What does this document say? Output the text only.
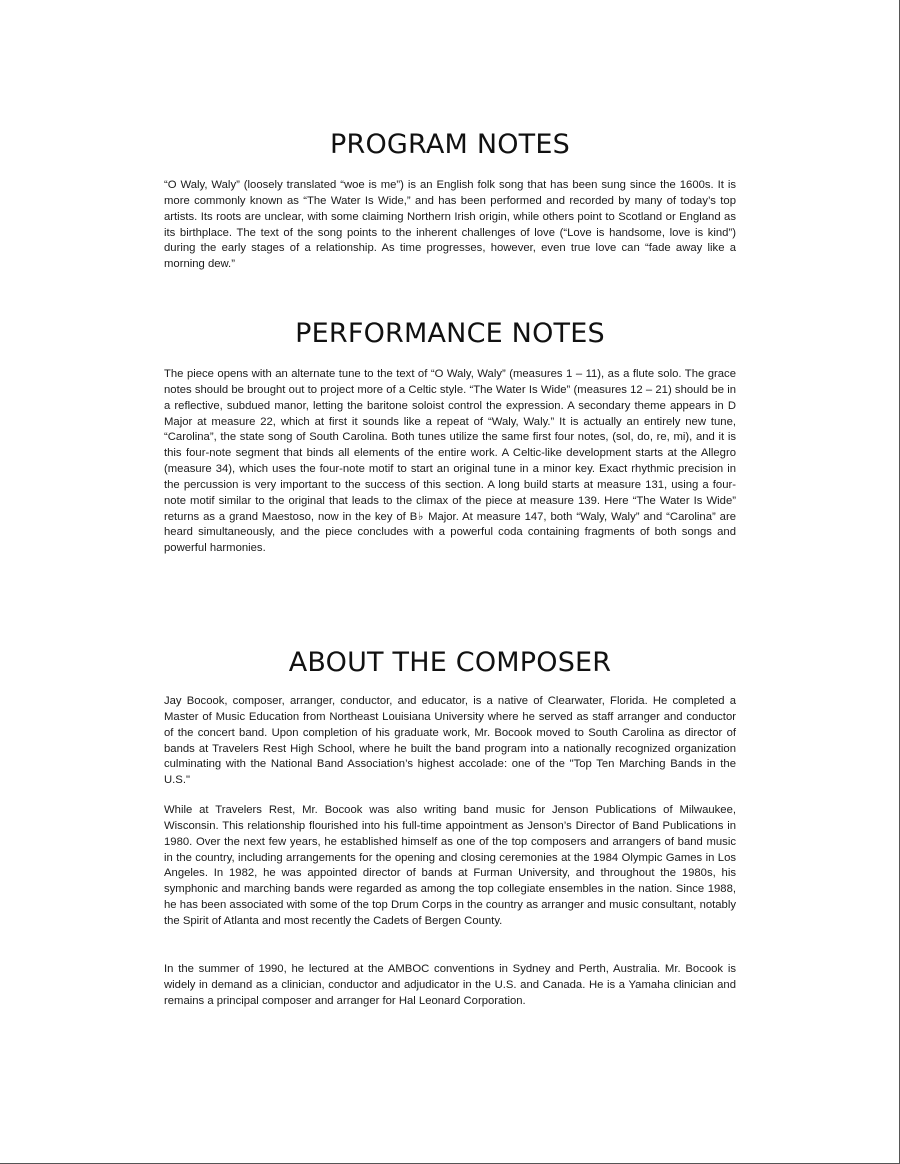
PROGRAM NOTES

“O Waly, Waly” (loosely translated “woe is me”) is an English folk song that has been sung since the 1600s. It is more commonly known as “The Water Is Wide,” and has been performed and recorded by many of today’s top artists. Its roots are unclear, with some claiming Northern Irish origin, while others point to Scotland or England as its birthplace. The text of the song points to the inherent challenges of love (“Love is handsome, love is kind”) during the early stages of a relationship. As time progresses, however, even true love can “fade away like a morning dew.”

PERFORMANCE NOTES

The piece opens with an alternate tune to the text of “O Waly, Waly” (measures 1 – 11), as a flute solo. The grace notes should be brought out to project more of a Celtic style. “The Water Is Wide” (measures 12 – 21) should be in a reflective, subdued manor, letting the baritone soloist control the expression. A secondary theme appears in D Major at measure 22, which at first it sounds like a repeat of “Waly, Waly.” It is actually an entirely new tune, “Carolina”, the state song of South Carolina. Both tunes utilize the same first four notes, (sol, do, re, mi), and it is this four-note segment that binds all elements of the entire work. A Celtic-like development starts at the Allegro (measure 34), which uses the four-note motif to start an original tune in a minor key. Exact rhythmic precision in the percussion is very important to the success of this section. A long build starts at measure 131, using a four-note motif similar to the original that leads to the climax of the piece at measure 139. Here “The Water Is Wide” returns as a grand Maestoso, now in the key of B♭ Major. At measure 147, both “Waly, Waly” and “Carolina” are heard simultaneously, and the piece concludes with a powerful coda containing fragments of both songs and powerful harmonies.

ABOUT THE COMPOSER

Jay Bocook, composer, arranger, conductor, and educator, is a native of Clearwater, Florida. He completed a Master of Music Education from Northeast Louisiana University where he served as staff arranger and conductor of the concert band. Upon completion of his graduate work, Mr. Bocook moved to South Carolina as director of bands at Travelers Rest High School, where he built the band program into a nationally recognized organization culminating with the National Band Association’s highest accolade: one of the "Top Ten Marching Bands in the U.S."

While at Travelers Rest, Mr. Bocook was also writing band music for Jenson Publications of Milwaukee, Wisconsin. This relationship flourished into his full-time appointment as Jenson’s Director of Band Publications in 1980. Over the next few years, he established himself as one of the top composers and arrangers of band music in the country, including arrangements for the opening and closing ceremonies at the 1984 Olympic Games in Los Angeles. In 1982, he was appointed director of bands at Furman University, and throughout the 1980s, his symphonic and marching bands were regarded as among the top collegiate ensembles in the nation. Since 1988, he has been associated with some of the top Drum Corps in the country as arranger and music consultant, notably the Spirit of Atlanta and most recently the Cadets of Bergen County.

In the summer of 1990, he lectured at the AMBOC conventions in Sydney and Perth, Australia. Mr. Bocook is widely in demand as a clinician, conductor and adjudicator in the U.S. and Canada. He is a Yamaha clinician and remains a principal composer and arranger for Hal Leonard Corporation.
